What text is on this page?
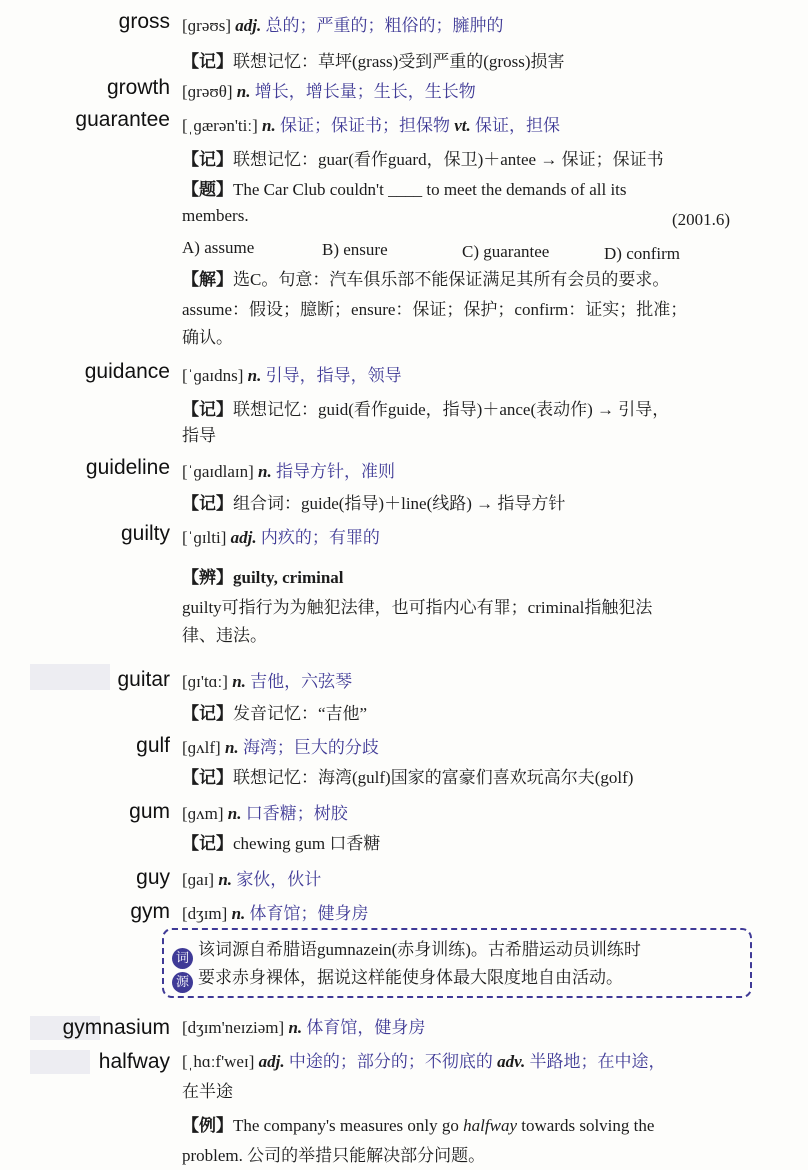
gross [ɡrəʊs] adj. 总的；严重的；粗俗的；臃肿的
【记】联想记忆：草坪(grass)受到严重的(gross)损害
growth [ɡrəʊθ] n. 增长，增长量；生长，生长物
guarantee [ˌɡærən'tiː] n. 保证；保证书；担保物 vt. 保证，担保
【记】联想记忆：guar(看作guard，保卫)＋antee → 保证；保证书
【题】The Car Club couldn't ____ to meet the demands of all its
members.	(2001.6)
A) assume	B) ensure	C) guarantee	D) confirm
【解】选C。句意：汽车俱乐部不能保证满足其所有会员的要求。
assume：假设；臆断；ensure：保证；保护；confirm：证实；批准；
确认。
guidance [ˈɡaɪdns] n. 引导，指导，领导
【记】联想记忆：guid(看作guide，指导)＋ance(表动作) → 引导，
指导
guideline [ˈɡaɪdlaɪn] n. 指导方针，准则
【记】组合词：guide(指导)＋line(线路) → 指导方针
guilty [ˈɡɪlti] adj. 内疚的；有罪的
【辨】guilty, criminal
guilty可指行为为触犯法律，也可指内心有罪；criminal指触犯法
律、违法。
guitar [ɡɪ'tɑː] n. 吉他，六弦琴
【记】发音记忆：“吉他”
gulf [ɡʌlf] n. 海湾；巨大的分歧
【记】联想记忆：海湾(gulf)国家的富豪们喜欢玩高尔夫(golf)
gum [ɡʌm] n. 口香糖；树胶
【记】chewing gum 口香糖
guy [ɡaɪ] n. 家伙，伙计
gym [dʒɪm] n. 体育馆；健身房
词
源
该词源自希腊语gumnazein(赤身训练)。古希腊运动员训练时
要求赤身裸体，据说这样能使身体最大限度地自由活动。
gymnasium [dʒɪm'neɪziəm] n. 体育馆，健身房
halfway [ˌhɑːf'weɪ] adj. 中途的；部分的；不彻底的 adv. 半路地；在中途，
在半途
【例】The company's measures only go halfway towards solving the
problem. 公司的举措只能解决部分问题。
